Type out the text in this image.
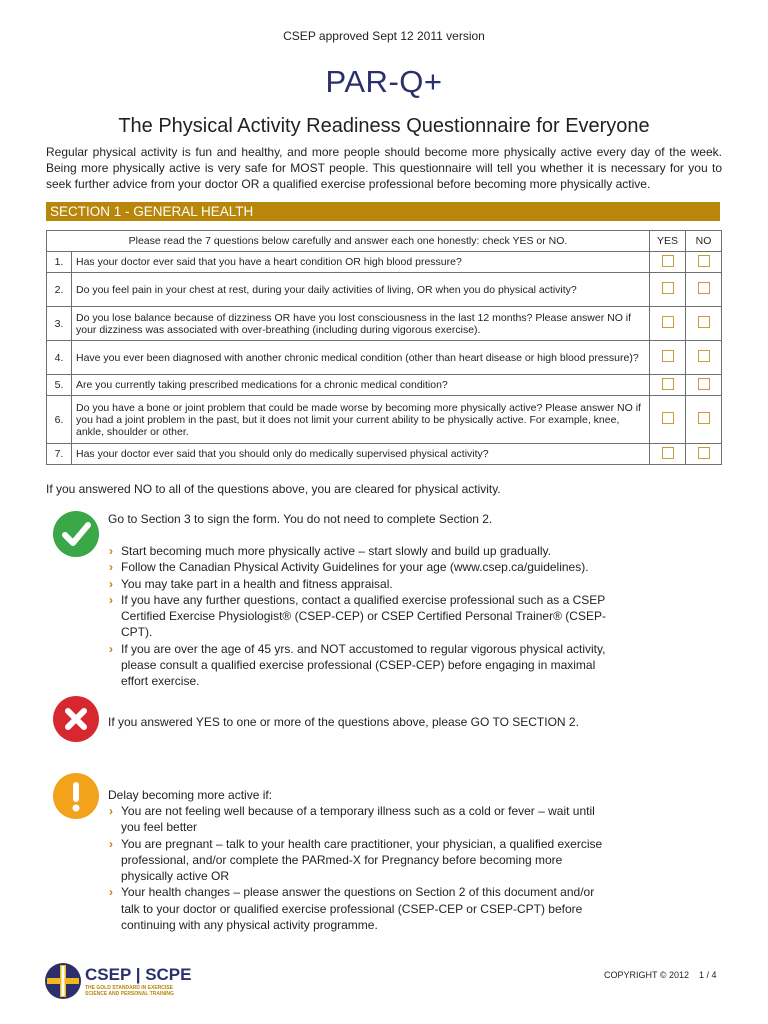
CSEP approved Sept 12 2011 version
PAR-Q+
The Physical Activity Readiness Questionnaire for Everyone
Regular physical activity is fun and healthy, and more people should become more physically active every day of the week. Being more physically active is very safe for MOST people. This questionnaire will tell you whether it is necessary for you to seek further advice from your doctor OR a qualified exercise professional before becoming more physically active.
SECTION 1 - GENERAL HEALTH
Please read the 7 questions below carefully and answer each one honestly: check YES or NO.		YES	NO
1.	Has your doctor ever said that you have a heart condition OR high blood pressure?		
2.	Do you feel pain in your chest at rest, during your daily activities of living, OR when you do physical activity?		
3.	Do you lose balance because of dizziness OR have you lost consciousness in the last 12 months? Please answer NO if your dizziness was associated with over-breathing (including during vigorous exercise).		
4.	Have you ever been diagnosed with another chronic medical condition (other than heart disease or high blood pressure)?		
5.	Are you currently taking prescribed medications for a chronic medical condition?		
6.	Do you have a bone or joint problem that could be made worse by becoming more physically active? Please answer NO if you had a joint problem in the past, but it does not limit your current ability to be physically active. For example, knee, ankle, shoulder or other.		
7.	Has your doctor ever said that you should only do medically supervised physical activity?		
If you answered NO to all of the questions above, you are cleared for physical activity.
Go to Section 3 to sign the form. You do not need to complete Section 2.
› Start becoming much more physically active – start slowly and build up gradually.
› Follow the Canadian Physical Activity Guidelines for your age (www.csep.ca/guidelines).
› You may take part in a health and fitness appraisal.
› If you have any further questions, contact a qualified exercise professional such as a CSEP Certified Exercise Physiologist® (CSEP-CEP) or CSEP Certified Personal Trainer® (CSEP-CPT).
› If you are over the age of 45 yrs. and NOT accustomed to regular vigorous physical activity, please consult a qualified exercise professional (CSEP-CEP) before engaging in maximal effort exercise.
If you answered YES to one or more of the questions above, please GO TO SECTION 2.
Delay becoming more active if:
› You are not feeling well because of a temporary illness such as a cold or fever – wait until you feel better
› You are pregnant – talk to your health care practitioner, your physician, a qualified exercise professional, and/or complete the PARmed-X for Pregnancy before becoming more physically active OR
› Your health changes – please answer the questions on Section 2 of this document and/or talk to your doctor or qualified exercise professional (CSEP-CEP or CSEP-CPT) before continuing with any physical activity programme.
CSEP | SCPE
THE GOLD STANDARD IN EXERCISE
SCIENCE AND PERSONAL TRAINING
COPYRIGHT © 2012    1 / 4
